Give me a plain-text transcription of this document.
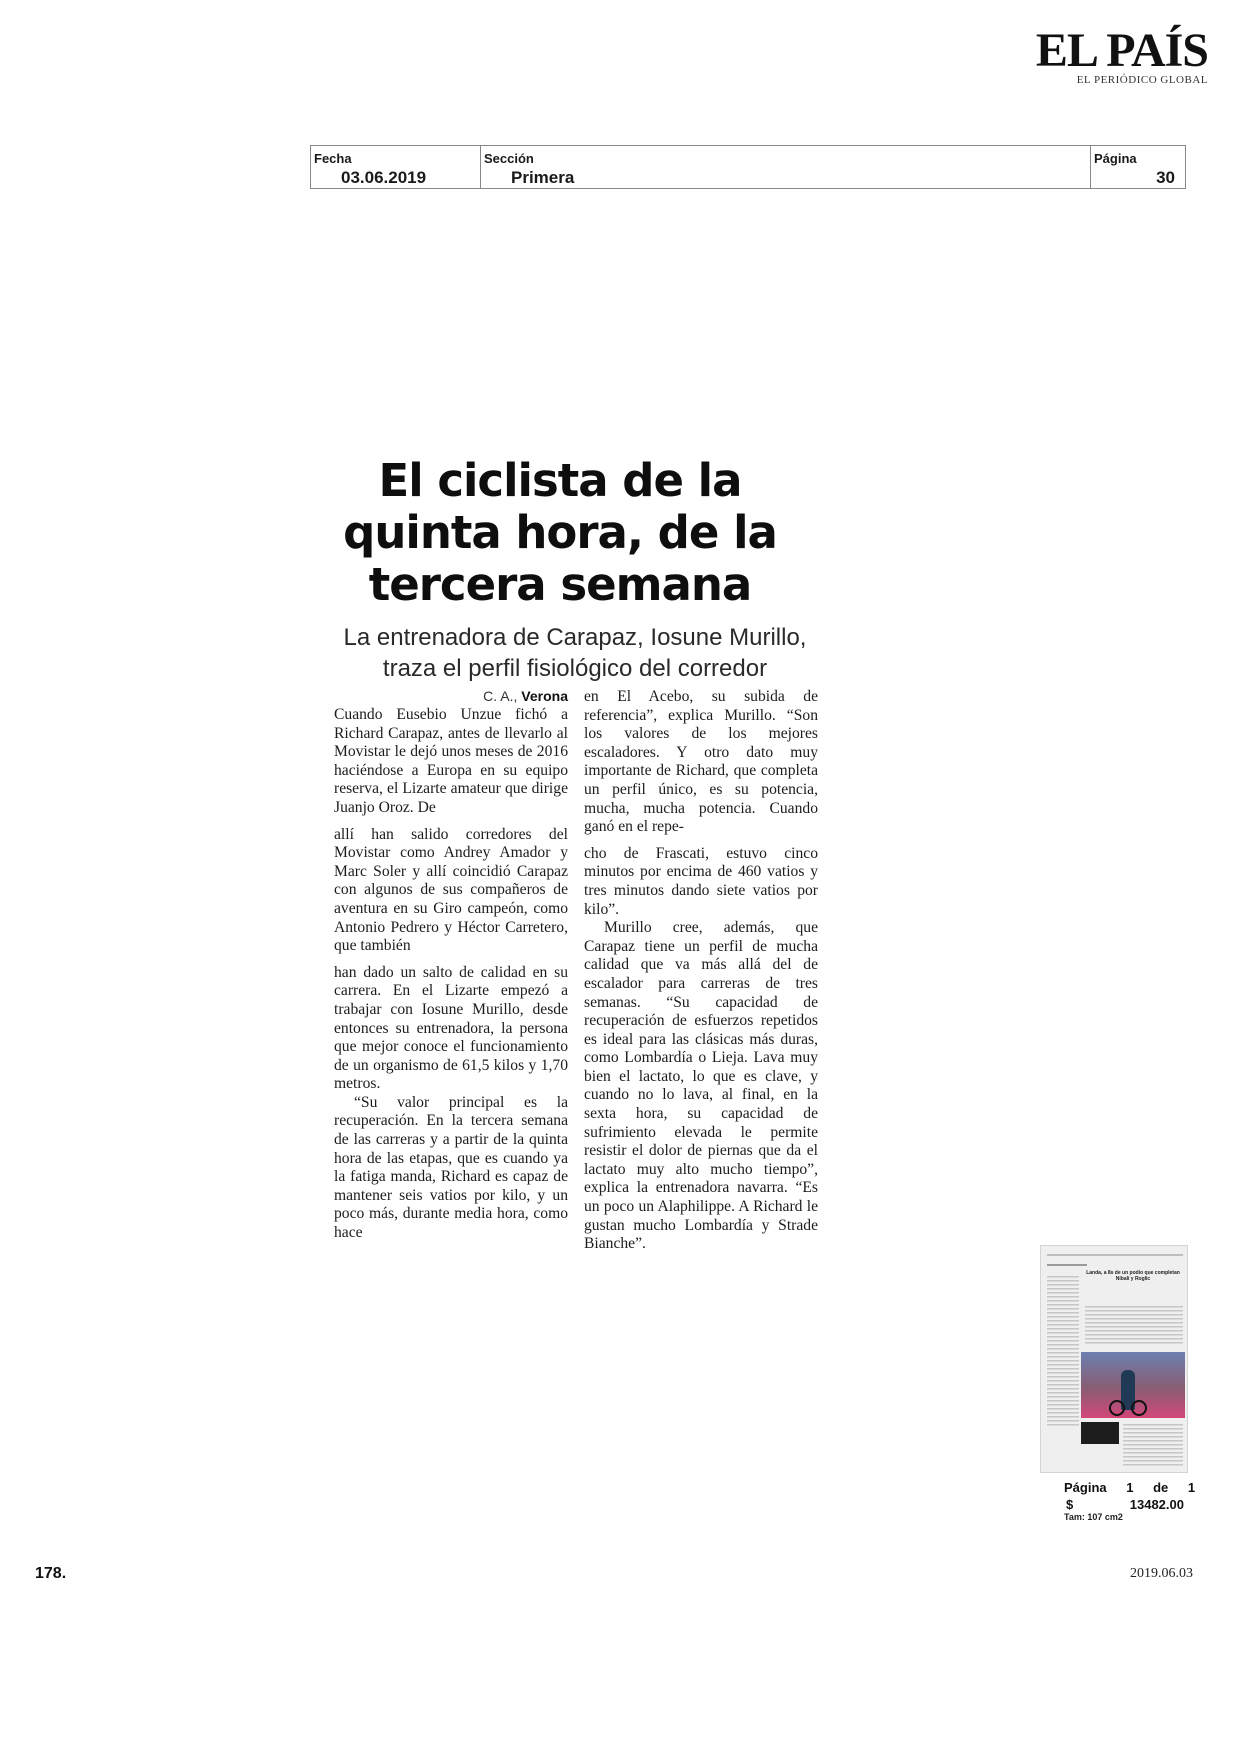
EL PAÍS
EL PERIÓDICO GLOBAL
Fecha
03.06.2019
Sección
Primera
Página
30
El ciclista de la quinta hora, de la tercera semana
La entrenadora de Carapaz, Iosune Murillo, traza el perfil fisiológico del corredor
C. A., Verona

Cuando Eusebio Unzue fichó a Richard Carapaz, antes de llevarlo al Movistar le dejó unos meses de 2016 haciéndose a Europa en su equipo reserva, el Lizarte amateur que dirige Juanjo Oroz. De

allí han salido corredores del Movistar como Andrey Amador y Marc Soler y allí coincidió Carapaz con algunos de sus compañeros de aventura en su Giro campeón, como Antonio Pedrero y Héctor Carretero, que también

han dado un salto de calidad en su carrera. En el Lizarte empezó a trabajar con Iosune Murillo, desde entonces su entrenadora, la persona que mejor conoce el funcionamiento de un organismo de 61,5 kilos y 1,70 metros.

“Su valor principal es la recuperación. En la tercera semana de las carreras y a partir de la quinta hora de las etapas, que es cuando ya la fatiga manda, Richard es capaz de mantener seis vatios por kilo, y un poco más, durante media hora, como hace

en El Acebo, su subida de referencia”, explica Murillo. “Son los valores de los mejores escaladores. Y otro dato muy importante de Richard, que completa un perfil único, es su potencia, mucha, mucha potencia. Cuando ganó en el repe-

cho de Frascati, estuvo cinco minutos por encima de 460 vatios y tres minutos dando siete vatios por kilo”.

Murillo cree, además, que Carapaz tiene un perfil de mucha calidad que va más allá del de escalador para carreras de tres semanas. “Su capacidad de recuperación de esfuerzos repetidos es ideal para las clásicas más duras, como Lombardía o Lieja. Lava muy bien el lactato, lo que es clave, y cuando no lo lava, al final, en la sexta hora, su capacidad de sufrimiento elevada le permite resistir el dolor de piernas que da el lactato muy alto mucho tiempo”, explica la entrenadora navarra. “Es un poco un Alaphilippe. A Richard le gustan mucho Lombardía y Strade Bianche”.

Landa, a 8s de un podio que completan Nibali y Roglic
Página 1 de 1
$	13482.00
Tam: 107 cm2
178.	2019.06.03
